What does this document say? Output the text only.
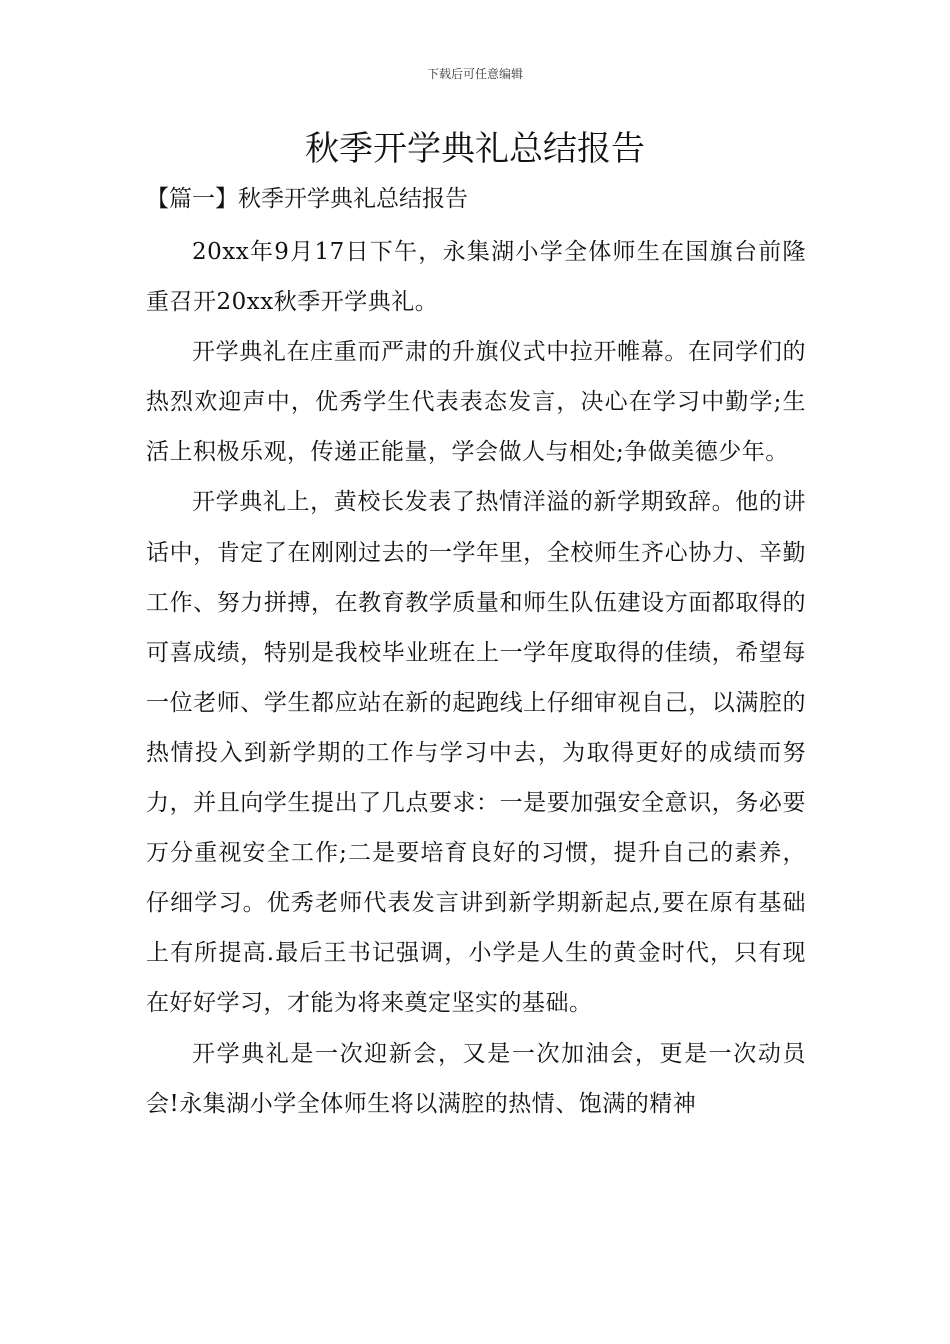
下载后可任意编辑
秋季开学典礼总结报告
【篇一】秋季开学典礼总结报告

20xx年9月17日下午，永集湖小学全体师生在国旗台前隆重召开20xx秋季开学典礼。

开学典礼在庄重而严肃的升旗仪式中拉开帷幕。在同学们的热烈欢迎声中，优秀学生代表表态发言，决心在学习中勤学;生活上积极乐观，传递正能量，学会做人与相处;争做美德少年。

开学典礼上，黄校长发表了热情洋溢的新学期致辞。他的讲话中，肯定了在刚刚过去的一学年里，全校师生齐心协力、辛勤工作、努力拼搏，在教育教学质量和师生队伍建设方面都取得的可喜成绩，特别是我校毕业班在上一学年度取得的佳绩，希望每一位老师、学生都应站在新的起跑线上仔细审视自己，以满腔的热情投入到新学期的工作与学习中去，为取得更好的成绩而努力，并且向学生提出了几点要求：一是要加强安全意识，务必要万分重视安全工作;二是要培育良好的习惯，提升自己的素养，仔细学习。优秀老师代表发言讲到新学期新起点,要在原有基础上有所提高.最后王书记强调，小学是人生的黄金时代，只有现在好好学习，才能为将来奠定坚实的基础。

开学典礼是一次迎新会，又是一次加油会，更是一次动员会!永集湖小学全体师生将以满腔的热情、饱满的精神
